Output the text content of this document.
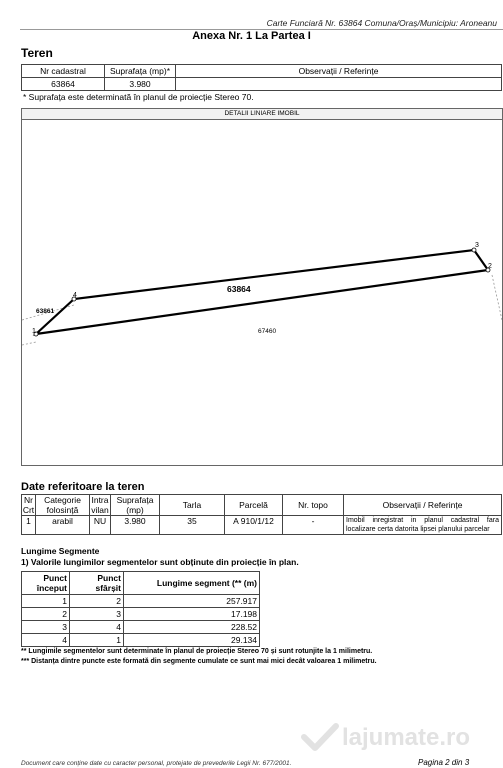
Carte Funciară Nr. 63864 Comuna/Oraș/Municipiu: Aroneanu
Anexa Nr. 1 La Partea I
Teren
Nr cadastral	Suprafața (mp)*	Observații / Referințe
63864	3.980	
* Suprafața este determinată în planul de proiecție Stereo 70.
DETALII LINIARE IMOBIL
1
2
3
4
63864
63861
67460
Date referitoare la teren
Nr Crt	Categorie folosință	Intra vilan	Suprafața (mp)	Tarla	Parcelă	Nr. topo	Observații / Referințe
1	arabil	NU	3.980	35	A 910/1/12	-	Imobil inregistrat in planul cadastral fara localizare certa datorita lipsei planului parcelar
Lungime Segmente
1) Valorile lungimilor segmentelor sunt obținute din proiecție în plan.
Punct început	Punct sfârșit	Lungime segment (** (m)
1	2	257.917
2	3	17.198
3	4	228.52
4	1	29.134
** Lungimile segmentelor sunt determinate în planul de proiecție Stereo 70 și sunt rotunjite la 1 milimetru.
*** Distanța dintre puncte este formată din segmente cumulate ce sunt mai mici decât valoarea 1 milimetru.
lajumate.ro
Document care conține date cu caracter personal, protejate de prevederile Legii Nr. 677/2001.	Pagina 2 din 3
